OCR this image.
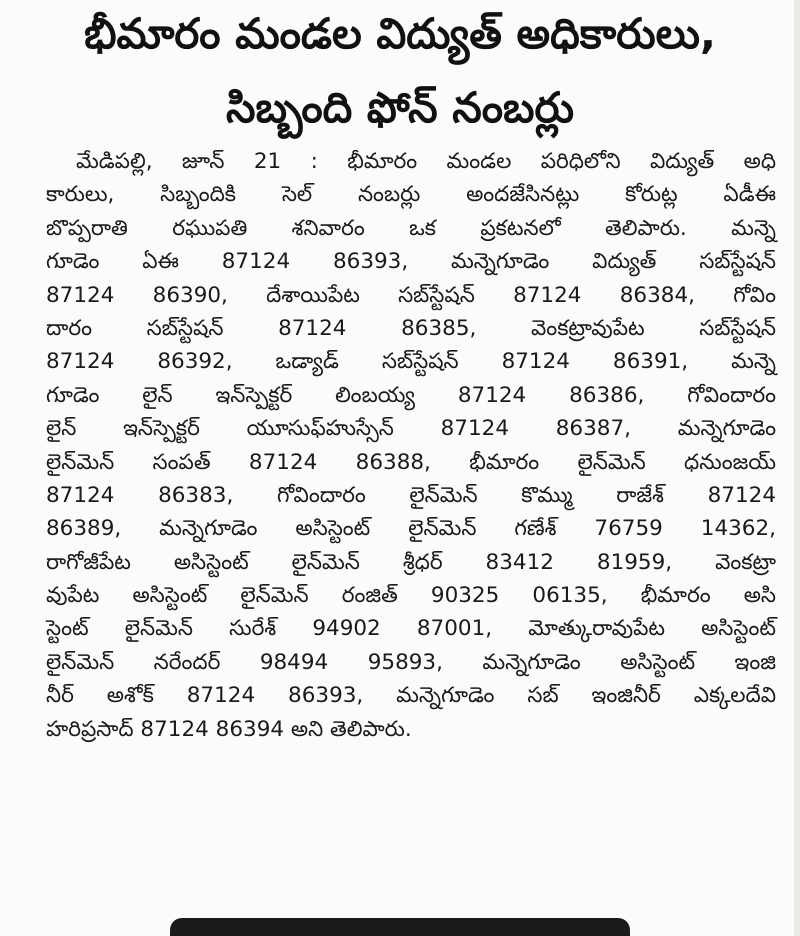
భీమారం మండల విద్యుత్ అధికారులు,
సిబ్బంది ఫోన్ నంబర్లు
మేడిపల్లి, జూన్ 21 : భీమారం మండల పరిధిలోని విద్యుత్ అధి
కారులు, సిబ్బందికి సెల్ నంబర్లు అందజేసినట్లు కోరుట్ల ఏడీఈ
బొప్పరాతి రఘుపతి శనివారం ఒక ప్రకటనలో తెలిపారు. మన్నె
గూడెం ఏఈ 87124 86393, మన్నెగూడెం విద్యుత్ సబ్‌స్టేషన్
87124 86390, దేశాయిపేట సబ్‌స్టేషన్ 87124 86384, గోవిం
దారం సబ్‌స్టేషన్ 87124 86385, వెంకట్రావుపేట సబ్‌స్టేషన్
87124 86392, ఒడ్యాడ్ సబ్‌స్టేషన్ 87124 86391, మన్నె
గూడెం లైన్ ఇన్‌స్పెక్టర్ లింబయ్య 87124 86386, గోవిందారం
లైన్ ఇన్‌స్పెక్టర్ యూసుఫ్‌హుస్సేన్ 87124 86387, మన్నెగూడెం
లైన్‌మెన్ సంపత్ 87124 86388, భీమారం లైన్‌మెన్ ధనుంజయ్
87124 86383, గోవిందారం లైన్‌మెన్ కొమ్ము రాజేశ్ 87124
86389, మన్నెగూడెం అసిస్టెంట్ లైన్‌మెన్ గణేశ్ 76759 14362,
రాగోజీపేట అసిస్టెంట్ లైన్‌మెన్ శ్రీధర్ 83412 81959, వెంకట్రా
వుపేట అసిస్టెంట్ లైన్‌మెన్ రంజిత్ 90325 06135, భీమారం అసి
స్టెంట్ లైన్‌మెన్ సురేశ్ 94902 87001, మోత్కురావుపేట అసిస్టెంట్
లైన్‌మెన్ నరేందర్ 98494 95893, మన్నెగూడెం అసిస్టెంట్ ఇంజి
నీర్ అశోక్ 87124 86393, మన్నెగూడెం సబ్ ఇంజినీర్ ఎక్కలదేవి
హరిప్రసాద్ 87124 86394 అని తెలిపారు.
